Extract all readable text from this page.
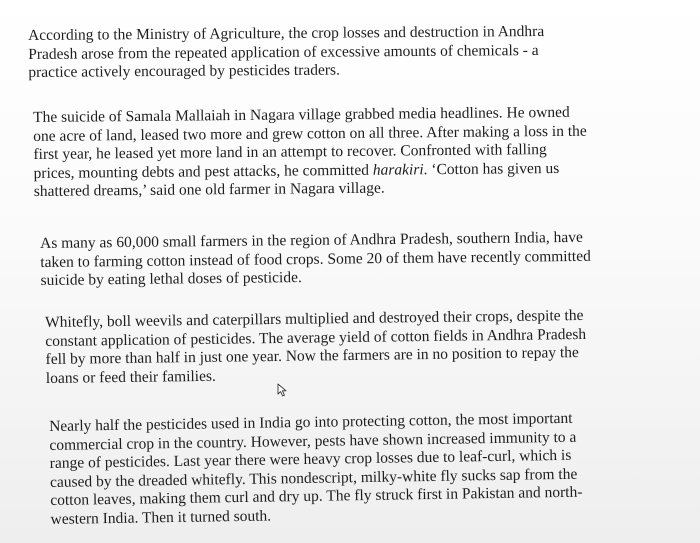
According to the Ministry of Agriculture, the crop losses and destruction in Andhra
Pradesh arose from the repeated application of excessive amounts of chemicals - a
practice actively encouraged by pesticides traders.

The suicide of Samala Mallaiah in Nagara village grabbed media headlines. He owned
one acre of land, leased two more and grew cotton on all three. After making a loss in the
first year, he leased yet more land in an attempt to recover. Confronted with falling
prices, mounting debts and pest attacks, he committed harakiri. ‘Cotton has given us
shattered dreams,’ said one old farmer in Nagara village.

As many as 60,000 small farmers in the region of Andhra Pradesh, southern India, have
taken to farming cotton instead of food crops. Some 20 of them have recently committed
suicide by eating lethal doses of pesticide.

Whitefly, boll weevils and caterpillars multiplied and destroyed their crops, despite the
constant application of pesticides. The average yield of cotton fields in Andhra Pradesh
fell by more than half in just one year. Now the farmers are in no position to repay the
loans or feed their families.

Nearly half the pesticides used in India go into protecting cotton, the most important
commercial crop in the country. However, pests have shown increased immunity to a
range of pesticides. Last year there were heavy crop losses due to leaf-curl, which is
caused by the dreaded whitefly. This nondescript, milky-white fly sucks sap from the
cotton leaves, making them curl and dry up. The fly struck first in Pakistan and north-
western India. Then it turned south.
